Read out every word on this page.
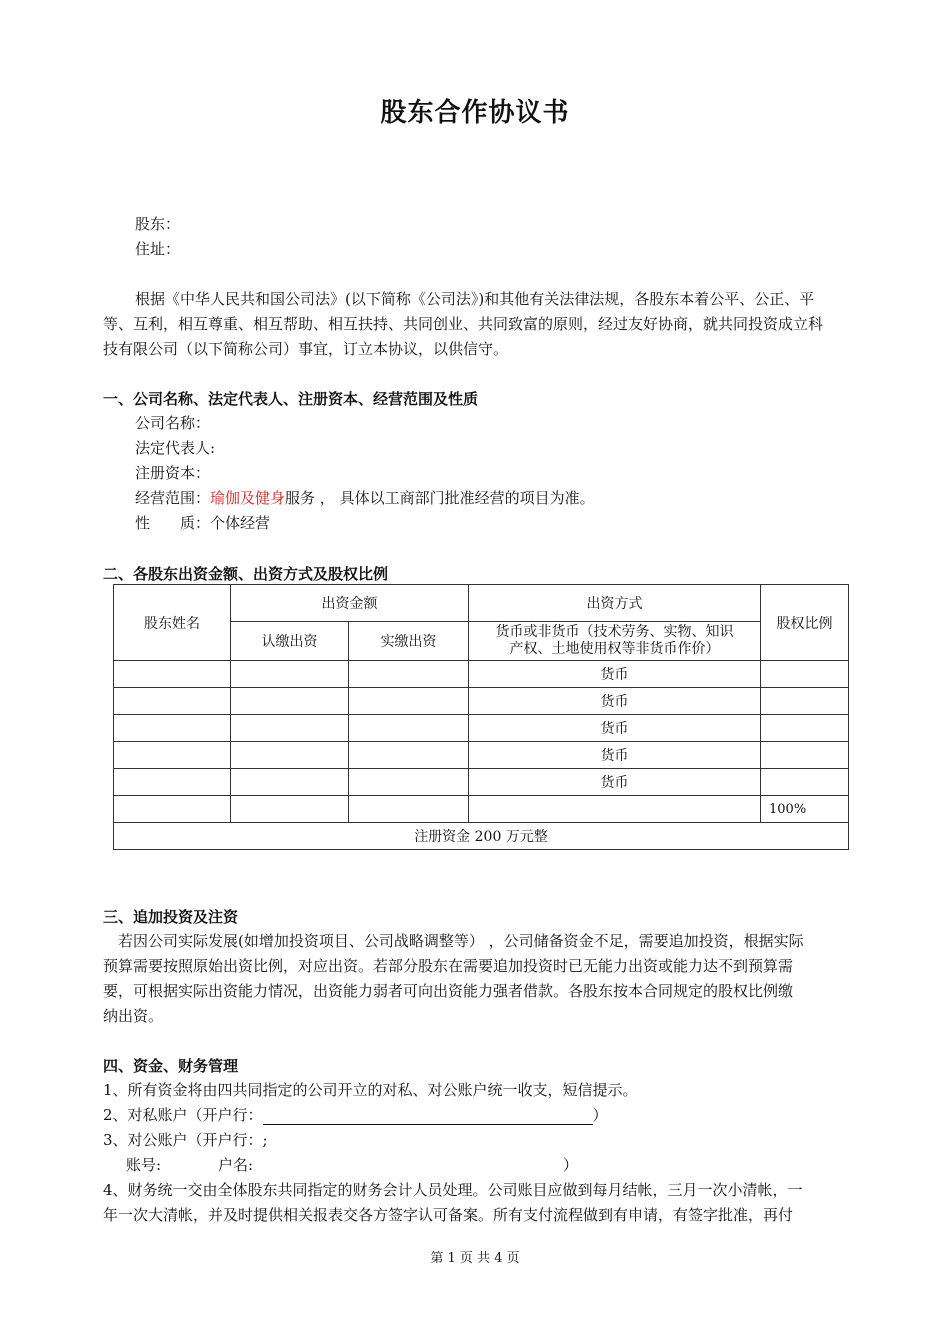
股东合作协议书
股东：
住址：
根据《中华人民共和国公司法》(以下简称《公司法》)和其他有关法律法规，各股东本着公平、公正、平
等、互利，相互尊重、相互帮助、相互扶持、共同创业、共同致富的原则，经过友好协商，就共同投资成立科
技有限公司（以下简称公司）事宜，订立本协议，以供信守。
一、公司名称、法定代表人、注册资本、经营范围及性质
公司名称：
法定代表人:
注册资本：
经营范围：瑜伽及健身服务 ， 具体以工商部门批准经营的项目为准。
性　　质：个体经营
二、各股东出资金额、出资方式及股权比例
股东姓名	出资金额		出资方式	股权比例
	认缴出资	实缴出资	货币或非货币（技术劳务、实物、知识
产权、土地使用权等非货币作价）	

			货币	
			货币	
			货币	
			货币	
			货币	
				100%
注册资金 200 万元整				
三、追加投资及注资
若因公司实际发展(如增加投资项目、公司战略调整等） ，公司储备资金不足，需要追加投资，根据实际
预算需要按照原始出资比例，对应出资。若部分股东在需要追加投资时已无能力出资或能力达不到预算需
要，可根据实际出资能力情况，出资能力弱者可向出资能力强者借款。各股东按本合同规定的股权比例缴
纳出资。
四、资金、财务管理
1、所有资金将由四共同指定的公司开立的对私、对公账户统一收支，短信提示。
2、对私账户（开户行：	）
3、对公账户（开户行：;
账号:	户名:	）
4、财务统一交由全体股东共同指定的财务会计人员处理。公司账目应做到每月结帐，三月一次小清帐，一
年一次大清帐，并及时提供相关报表交各方签字认可备案。所有支付流程做到有申请，有签字批准，再付
第 1 页 共 4 页
